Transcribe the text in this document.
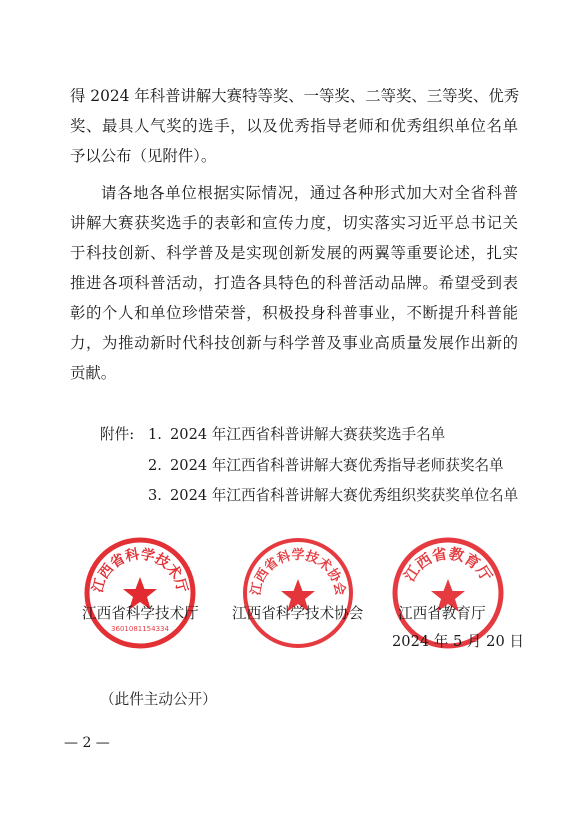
得 2024 年科普讲解大赛特等奖、一等奖、二等奖、三等奖、优秀
奖、最具人气奖的选手，以及优秀指导老师和优秀组织单位名单
予以公布（见附件）。
请各地各单位根据实际情况，通过各种形式加大对全省科普
讲解大赛获奖选手的表彰和宣传力度，切实落实习近平总书记关
于科技创新、科学普及是实现创新发展的两翼等重要论述，扎实
推进各项科普活动，打造各具特色的科普活动品牌。希望受到表
彰的个人和单位珍惜荣誉，积极投身科普事业，不断提升科普能
力，为推动新时代科技创新与科学普及事业高质量发展作出新的
贡献。
附件: 1. 2024 年江西省科普讲解大赛获奖选手名单
2. 2024 年江西省科普讲解大赛优秀指导老师获奖名单
3. 2024 年江西省科普讲解大赛优秀组织奖获奖单位名单
江西省科学技术厅
3601081154334
江西省科学技术协会
江西省教育厅
江西省科学技术厅 江西省科学技术协会 江西省教育厅
2024 年 5 月 20 日
（此件主动公开）
— 2 —
